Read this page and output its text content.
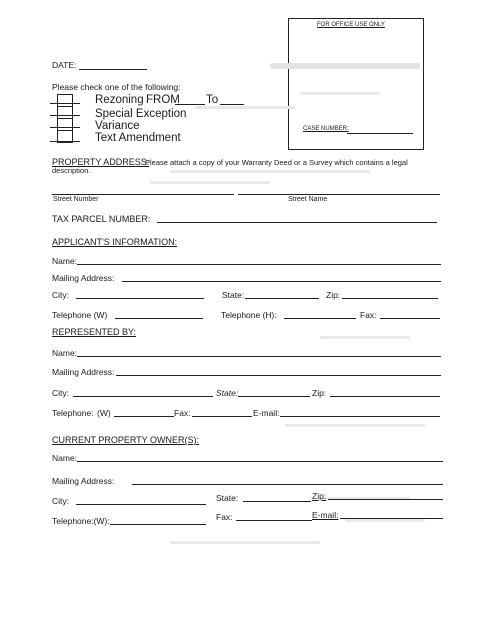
FOR OFFICE USE ONLY
CASE NUMBER:
DATE:
Please check one of the following:
Rezoning FROM To
Special Exception
Variance
Text Amendment
PROPERTY ADDRESS:
Please attach a copy of your Warranty Deed or a Survey which contains a legal
description.
Street Number	Street Name
TAX PARCEL NUMBER:
APPLICANT'S INFORMATION:
Name:
Mailing Address:
City:	State:	Zip:
Telephone (W)	Telephone (H):	Fax:
REPRESENTED BY:
Name:
Mailing Address:
City:	State:	Zip:
Telephone: (W)	Fax:	E-mail:
CURRENT PROPERTY OWNER(S):
Name:
Mailing Address:
City:	State:	Zip:
Telephone:(W):	Fax:	E-mail:
